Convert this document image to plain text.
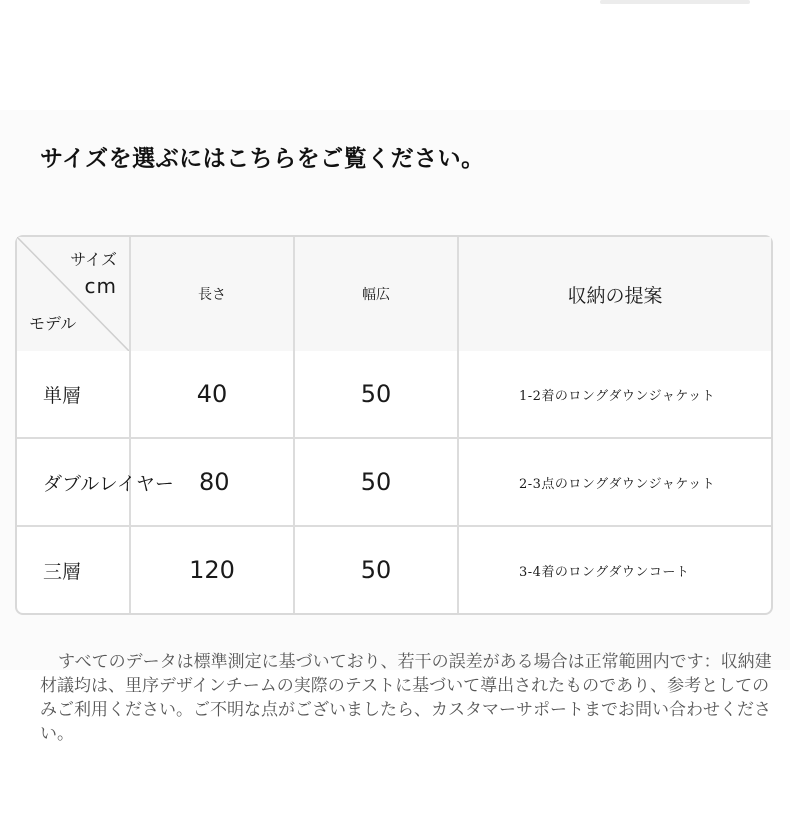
サイズを選ぶにはこちらをご覧ください。
サイズ
cm
モデル	長さ	幅広	収納の提案
単層	40	50	1-2着のロングダウンジャケット
ダブルレイヤー	80	50	2-3点のロングダウンジャケット
三層	120	50	3-4着のロングダウンコート
すべてのデータは標準測定に基づいており、若干の誤差がある場合は正常範囲内です：収納建材議均は、里序デザインチームの実際のテストに基づいて導出されたものであり、参考としてのみご利用ください。ご不明な点がございましたら、カスタマーサポートまでお問い合わせください。
